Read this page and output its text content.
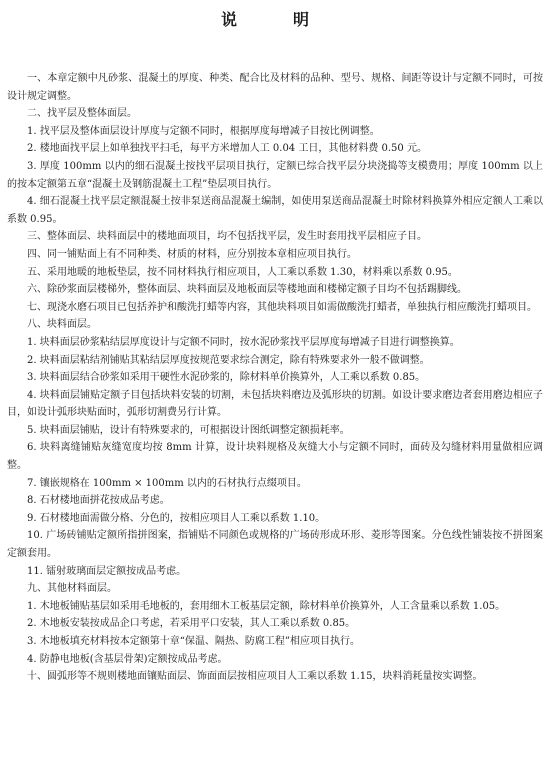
说　明

一、本章定额中凡砂浆、混凝土的厚度、种类、配合比及材料的品种、型号、规格、间距等设计与定额不同时，可按设计规定调整。

二、找平层及整体面层。

1. 找平层及整体面层设计厚度与定额不同时，根据厚度每增减子目按比例调整。

2. 楼地面找平层上如单独找平扫毛，每平方米增加人工 0.04 工日，其他材料费 0.50 元。

3. 厚度 100mm 以内的细石混凝土按找平层项目执行，定额已综合找平层分块浇捣等支模费用；厚度 100mm 以上的按本定额第五章“混凝土及钢筋混凝土工程”垫层项目执行。

4. 细石混凝土找平层定额混凝土按非泵送商品混凝土编制，如使用泵送商品混凝土时除材料换算外相应定额人工乘以系数 0.95。

三、整体面层、块料面层中的楼地面项目，均不包括找平层，发生时套用找平层相应子目。

四、同一铺贴面上有不同种类、材质的材料，应分别按本章相应项目执行。

五、采用地暖的地板垫层，按不同材料执行相应项目，人工乘以系数 1.30，材料乘以系数 0.95。

六、除砂浆面层楼梯外，整体面层、块料面层及地板面层等楼地面和楼梯定额子目均不包括踢脚线。

七、现浇水磨石项目已包括养护和酸洗打蜡等内容，其他块料项目如需做酸洗打蜡者，单独执行相应酸洗打蜡项目。

八、块料面层。

1. 块料面层砂浆粘结层厚度设计与定额不同时，按水泥砂浆找平层厚度每增减子目进行调整换算。

2. 块料面层粘结剂铺贴其粘结层厚度按规范要求综合测定，除有特殊要求外一般不做调整。

3. 块料面层结合砂浆如采用干硬性水泥砂浆的，除材料单价换算外，人工乘以系数 0.85。

4. 块料面层铺贴定额子目包括块料安装的切割，未包括块料磨边及弧形块的切割。如设计要求磨边者套用磨边相应子目，如设计弧形块贴面时，弧形切割费另行计算。

5. 块料面层铺贴，设计有特殊要求的，可根据设计图纸调整定额损耗率。

6. 块料离缝铺贴灰缝宽度均按 8mm 计算，设计块料规格及灰缝大小与定额不同时，面砖及勾缝材料用量做相应调整。

7. 镶嵌规格在 100mm × 100mm 以内的石材执行点缀项目。

8. 石材楼地面拼花按成品考虑。

9. 石材楼地面需做分格、分色的，按相应项目人工乘以系数 1.10。

10. 广场砖铺贴定额所指拼图案，指铺贴不同颜色或规格的广场砖形成环形、菱形等图案。分色线性铺装按不拼图案定额套用。

11. 镭射玻璃面层定额按成品考虑。

九、其他材料面层。

1. 木地板铺贴基层如采用毛地板的，套用细木工板基层定额，除材料单价换算外，人工含量乘以系数 1.05。

2. 木地板安装按成品企口考虑，若采用平口安装，其人工乘以系数 0.85。

3. 木地板填充材料按本定额第十章“保温、隔热、防腐工程”相应项目执行。

4. 防静电地板(含基层骨架)定额按成品考虑。

十、圆弧形等不规则楼地面镶贴面层、饰面面层按相应项目人工乘以系数 1.15，块料消耗量按实调整。
